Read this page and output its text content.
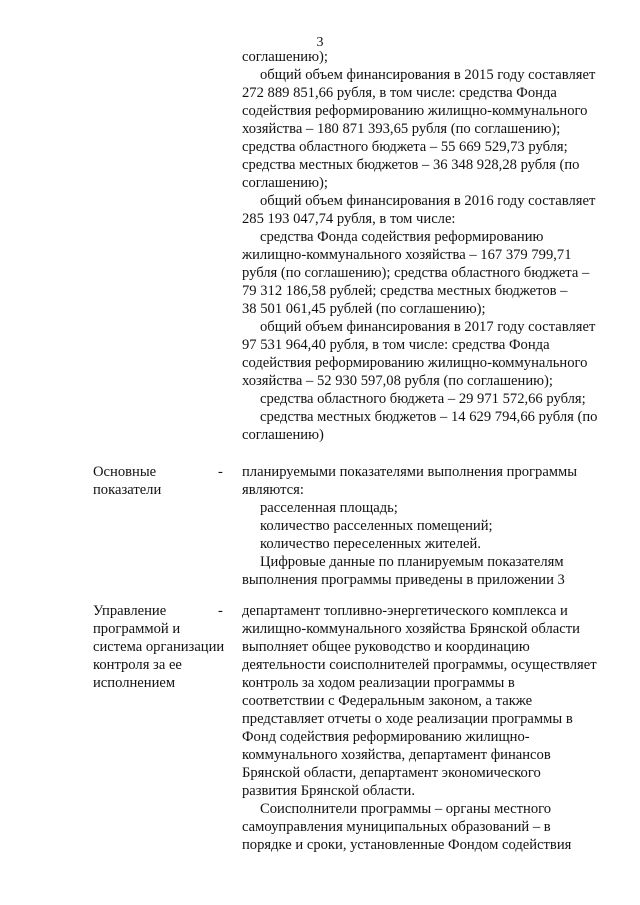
3
соглашению);
общий объем финансирования в 2015 году составляет
272 889 851,66 рубля, в том числе: средства Фонда
содействия реформированию жилищно-коммунального
хозяйства – 180 871 393,65 рубля (по соглашению);
средства областного бюджета – 55 669 529,73 рубля;
средства местных бюджетов – 36 348 928,28 рубля (по
соглашению);
общий объем финансирования в 2016 году составляет
285 193 047,74 рубля, в том числе:
средства Фонда содействия реформированию
жилищно-коммунального хозяйства – 167 379 799,71
рубля (по соглашению); средства областного бюджета –
79 312 186,58 рублей; средства местных бюджетов –
38 501 061,45 рублей (по соглашению);
общий объем финансирования в 2017 году составляет
97 531 964,40 рубля, в том числе: средства Фонда
содействия реформированию жилищно-коммунального
хозяйства – 52 930 597,08 рубля (по соглашению);
средства областного бюджета – 29 971 572,66 рубля;
средства местных бюджетов – 14 629 794,66 рубля (по
соглашению)
Основные
показатели
- планируемыми показателями выполнения программы
являются:
расселенная площадь;
количество расселенных помещений;
количество переселенных жителей.
Цифровые данные по планируемым показателям
выполнения программы приведены в приложении 3
Управление
программой и
система организации
контроля за ее
исполнением
- департамент топливно-энергетического комплекса и
жилищно-коммунального хозяйства Брянской области
выполняет общее руководство и координацию
деятельности соисполнителей программы, осуществляет
контроль за ходом реализации программы в
соответствии с Федеральным законом, а также
представляет отчеты о ходе реализации программы в
Фонд содействия реформированию жилищно-
коммунального хозяйства, департамент финансов
Брянской области, департамент экономического
развития Брянской области.
Соисполнители программы – органы местного
самоуправления муниципальных образований – в
порядке и сроки, установленные Фондом содействия
